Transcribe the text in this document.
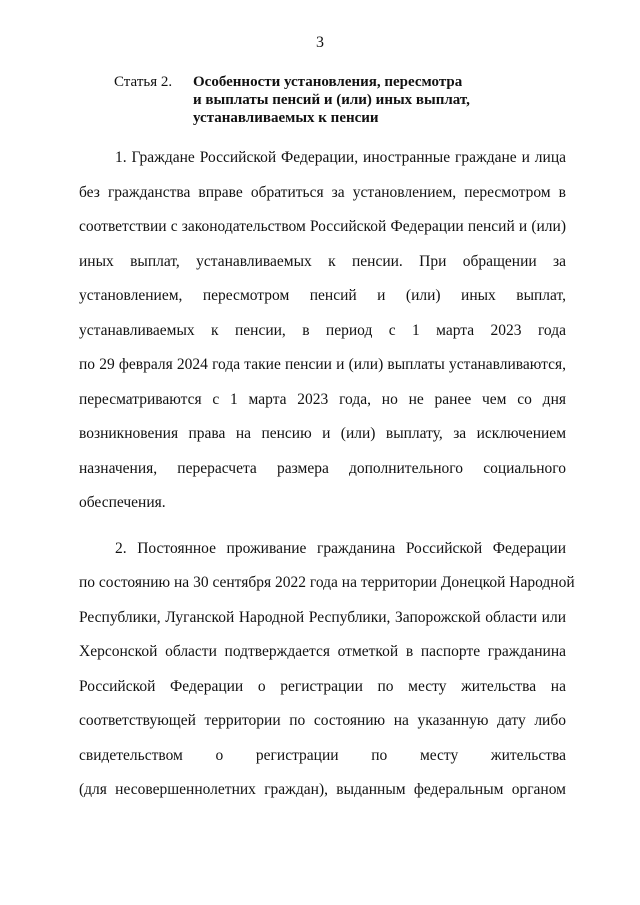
3
Статья 2. Особенности установления, пересмотра
и выплаты пенсий и (или) иных выплат,
устанавливаемых к пенсии
1. Граждане Российской Федерации, иностранные граждане и лица
без гражданства вправе обратиться за установлением, пересмотром в
соответствии с законодательством Российской Федерации пенсий и (или)
иных выплат, устанавливаемых к пенсии. При обращении за
установлением, пересмотром пенсий и (или) иных выплат,
устанавливаемых к пенсии, в период с 1 марта 2023 года
по 29 февраля 2024 года такие пенсии и (или) выплаты устанавливаются,
пересматриваются с 1 марта 2023 года, но не ранее чем со дня
возникновения права на пенсию и (или) выплату, за исключением
назначения, перерасчета размера дополнительного социального
обеспечения.
2. Постоянное проживание гражданина Российской Федерации
по состоянию на 30 сентября 2022 года на территории Донецкой Народной
Республики, Луганской Народной Республики, Запорожской области или
Херсонской области подтверждается отметкой в паспорте гражданина
Российской Федерации о регистрации по месту жительства на
соответствующей территории по состоянию на указанную дату либо
свидетельством о регистрации по месту жительства
(для несовершеннолетних граждан), выданным федеральным органом
